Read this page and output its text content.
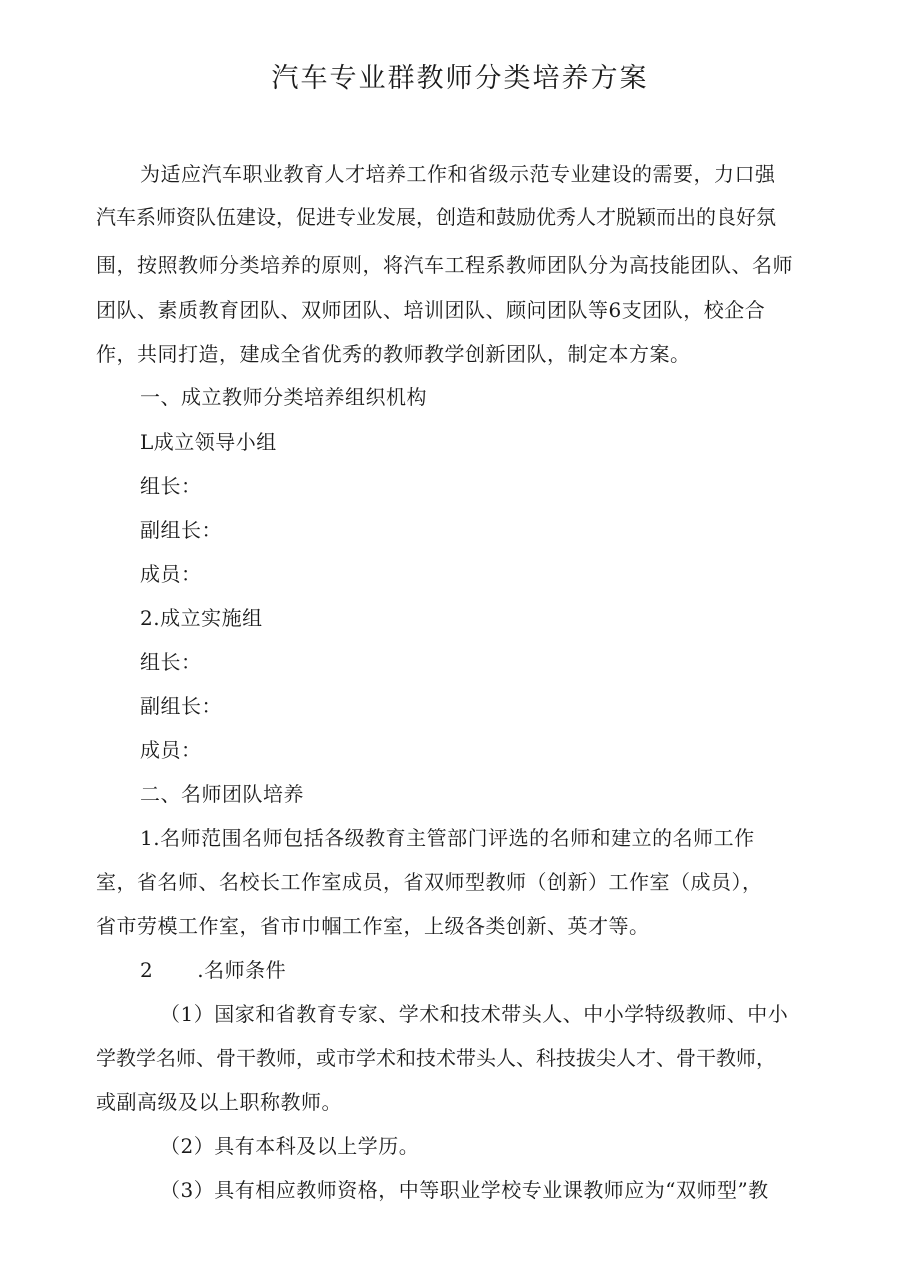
汽车专业群教师分类培养方案

为适应汽车职业教育人才培养工作和省级示范专业建设的需要，力口强

汽车系师资队伍建设，促进专业发展，创造和鼓励优秀人才脱颖而出的良好氛

围，按照教师分类培养的原则，将汽车工程系教师团队分为高技能团队、名师

团队、素质教育团队、双师团队、培训团队、顾问团队等6支团队，校企合

作，共同打造，建成全省优秀的教师教学创新团队，制定本方案。

一、成立教师分类培养组织机构

L成立领导小组

组长：

副组长：

成员：

2.成立实施组

组长：

副组长：

成员：

二、名师团队培养

1.名师范围名师包括各级教育主管部门评选的名师和建立的名师工作

室，省名师、名校长工作室成员，省双师型教师（创新）工作室（成员），

省市劳模工作室，省市巾帼工作室，上级各类创新、英才等。

2 .名师条件

（1）国家和省教育专家、学术和技术带头人、中小学特级教师、中小

学教学名师、骨干教师，或市学术和技术带头人、科技拔尖人才、骨干教师，

或副高级及以上职称教师。

（2）具有本科及以上学历。

（3）具有相应教师资格，中等职业学校专业课教师应为“双师型”教
